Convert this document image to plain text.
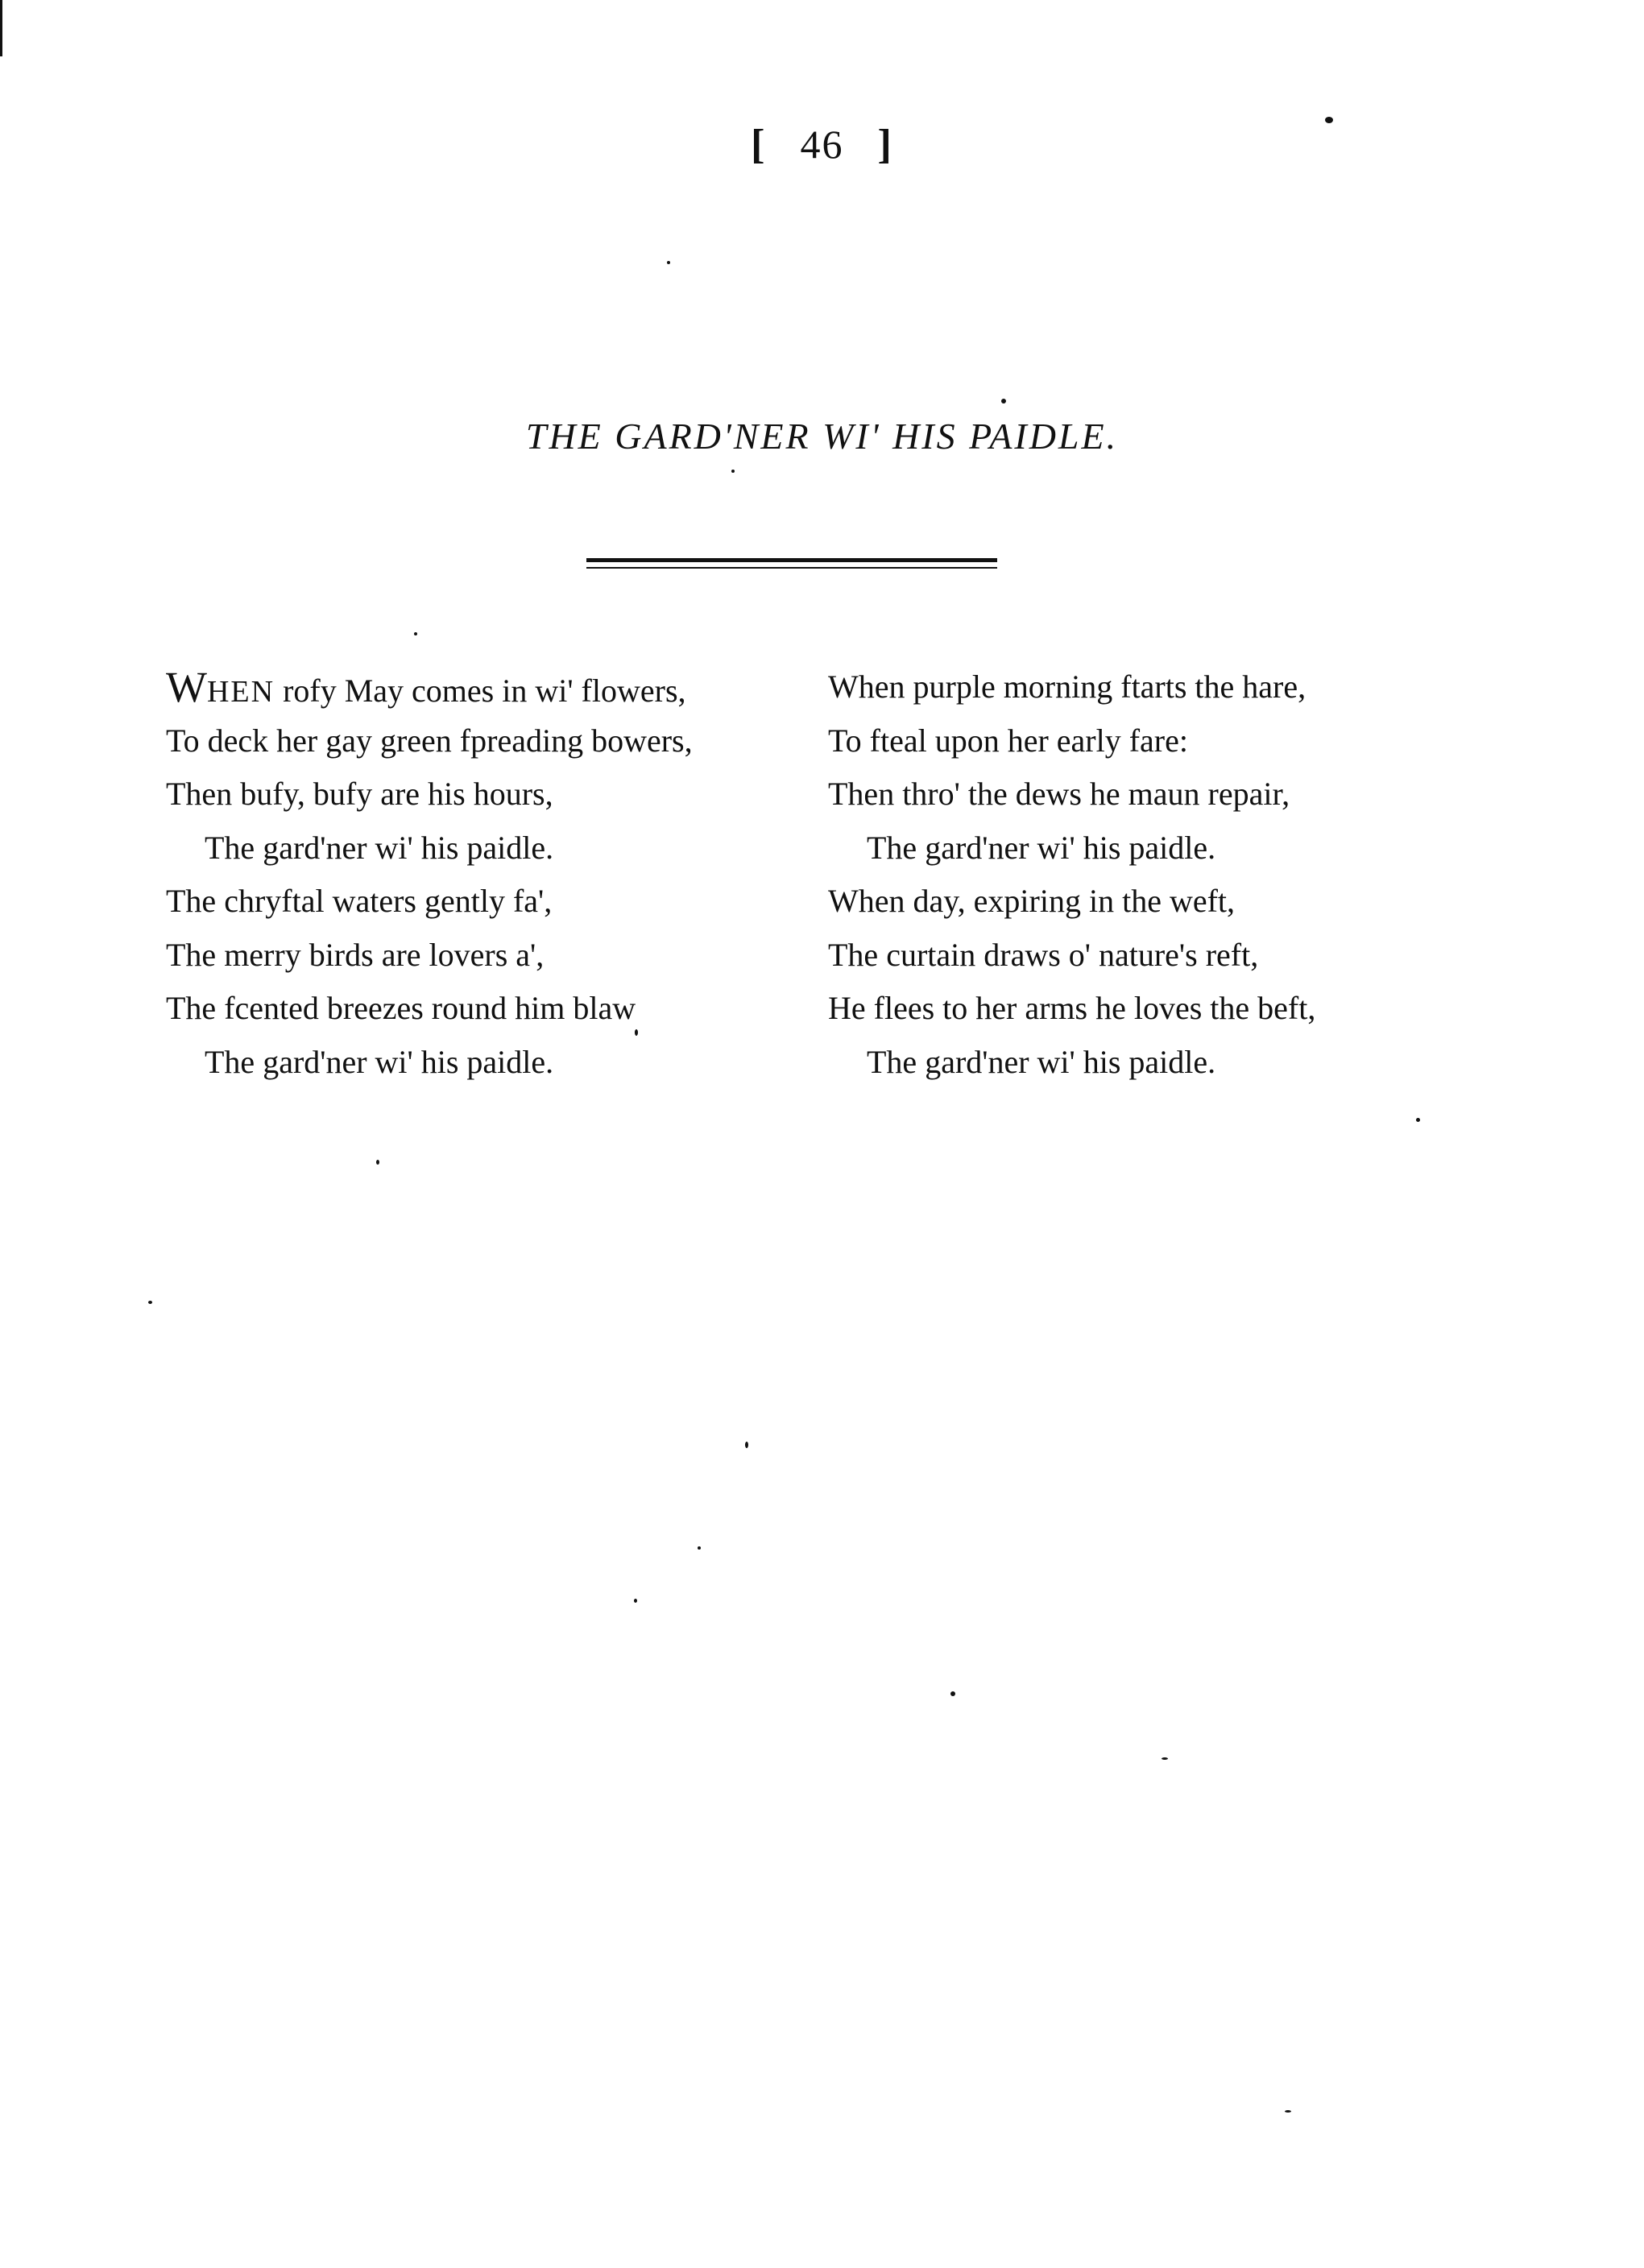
[ 46 ]
THE GARD'NER WI' HIS PAIDLE.
WHEN rofy May comes in wi' flowers,
To deck her gay green fpreading bowers,
Then bufy, bufy are his hours,
The gard'ner wi' his paidle.
The chryftal waters gently fa',
The merry birds are lovers a',
The fcented breezes round him blaw
The gard'ner wi' his paidle.
When purple morning ftarts the hare,
To fteal upon her early fare:
Then thro' the dews he maun repair,
The gard'ner wi' his paidle.
When day, expiring in the weft,
The curtain draws o' nature's reft,
He flees to her arms he loves the beft,
The gard'ner wi' his paidle.
